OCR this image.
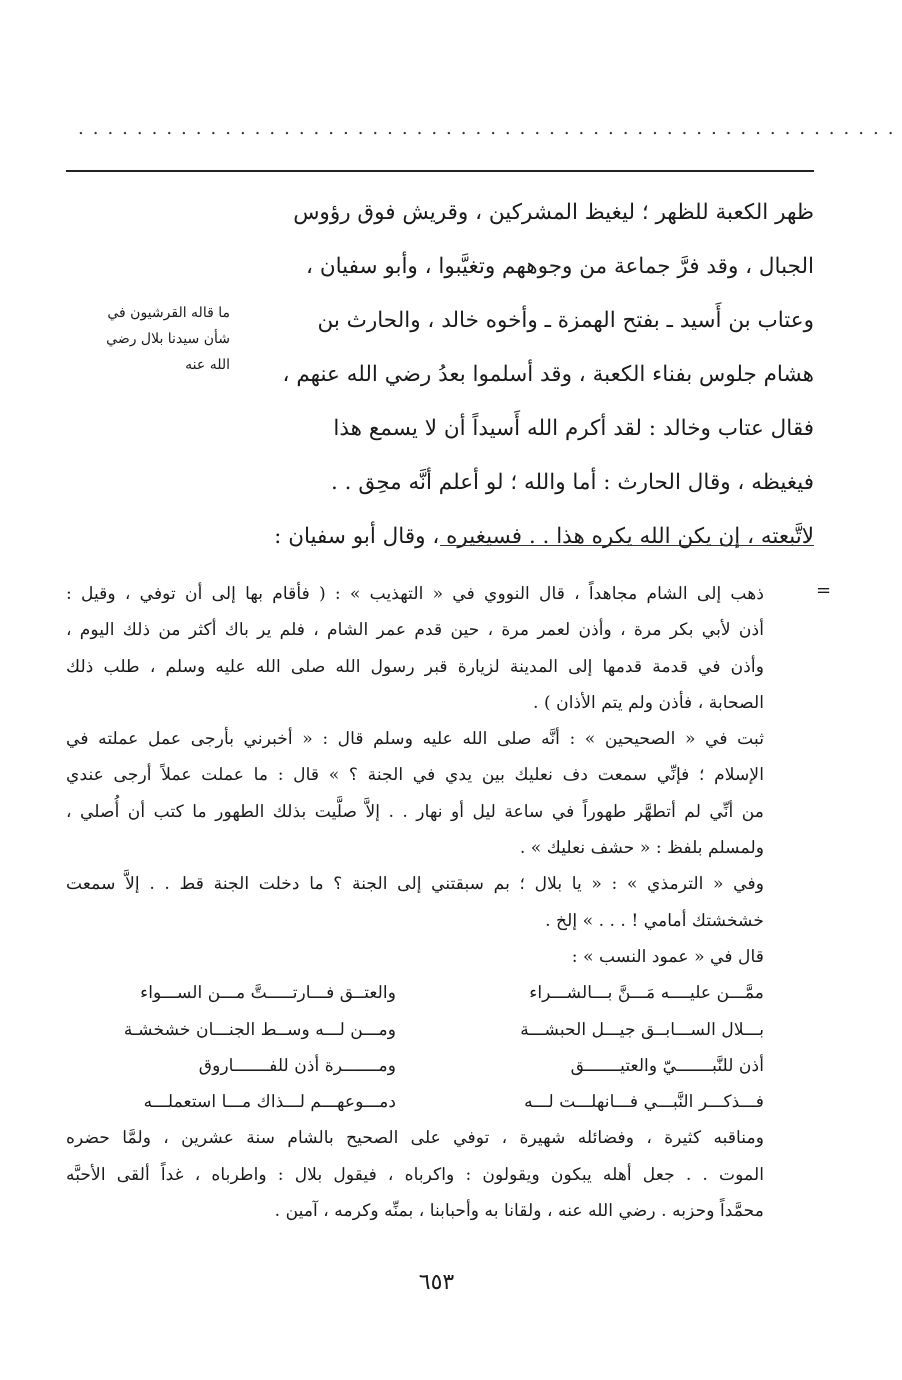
........................................................
ظهر الكعبة للظهر ؛ ليغيظ المشركين ، وقريش فوق رؤوس
الجبال ، وقد فرَّ جماعة من وجوههم وتغيَّبوا ، وأبو سفيان ،
وعتاب بن أَسيد ـ بفتح الهمزة ـ وأخوه خالد ، والحارث بن
هشام جلوس بفناء الكعبة ، وقد أسلموا بعدُ رضي الله عنهم ،
فقال عتاب وخالد : لقد أكرم الله أَسيداً أن لا يسمع هذا
فيغيظه ، وقال الحارث : أما والله ؛ لو أعلم أنَّه محِق . .
لاتَّبعته ، إن يكن الله يكره هذا . . فسيغيره ، وقال أبو سفيان :
ما قاله القرشيون في
شأن سيدنا بلال رضي
الله عنه
=
ذهب إلى الشام مجاهداً ، قال النووي في « التهذيب » : ( فأقام بها إلى أن توفي ، وقيل :
أذن لأبي بكر مرة ، وأذن لعمر مرة ، حين قدم عمر الشام ، فلم ير باك أكثر من ذلك اليوم ،
وأذن في قدمة قدمها إلى المدينة لزيارة قبر رسول الله صلى الله عليه وسلم ، طلب ذلك
الصحابة ، فأذن ولم يتم الأذان ) .
ثبت في « الصحيحين » : أنَّه صلى الله عليه وسلم قال : « أخبرني بأرجى عمل عملته في
الإسلام ؛ فإنِّي سمعت دف نعليك بين يدي في الجنة ؟ » قال : ما عملت عملاً أرجى عندي
من أنِّي لم أتطهَّر طهوراً في ساعة ليل أو نهار . . إلاَّ صلَّيت بذلك الطهور ما كتب أن أُصلي ،
ولمسلم بلفظ : « حشف نعليك » .
وفي « الترمذي » : « يا بلال ؛ بم سبقتني إلى الجنة ؟ ما دخلت الجنة قط . . إلاَّ سمعت
خشخشتك أمامي ! . . . » إلخ .
قال في « عمود النسب » :
ممَّـــن عليــــه مَـــنَّ بـــالشـــراء
والعتــق فـــارتـــــتَّ مـــن الســـواء
بـــلال الســـابــق جيـــل الحبشـــة
ومـــن لـــه وســط الجنـــان خشخشـة
أذن للنَّبـــــــيّ والعتيـــــــق
ومـــــــرة أذن للفـــــــاروق
فـــذكـــر النَّبـــي فـــانهلـــت لـــه
دمـــوعهـــم لـــذاك مـــا استعملـــه
ومناقبه كثيرة ، وفضائله شهيرة ، توفي على الصحيح بالشام سنة عشرين ، ولمَّا حضره
الموت . . جعل أهله يبكون ويقولون : واكرباه ، فيقول بلال : واطرباه ، غداً ألقى الأحبَّه
محمَّداً وحزبه . رضي الله عنه ، ولقانا به وأحبابنا ، بمنِّه وكرمه ، آمين .
٦٥٣
